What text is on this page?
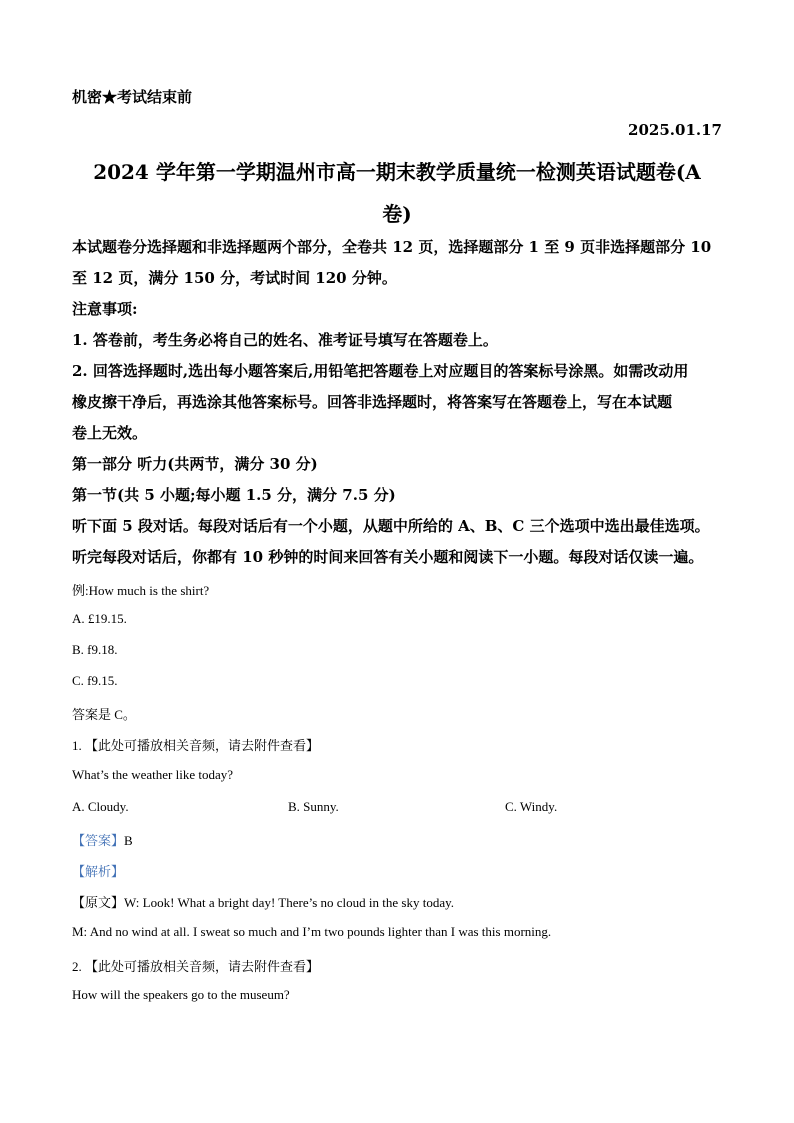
机密★考试结束前
2025.01.17
2024 学年第一学期温州市高一期末教学质量统一检测英语试题卷(A
卷)
本试题卷分选择题和非选择题两个部分，全卷共 12 页，选择题部分 1 至 9 页非选择题部分 10
至 12 页，满分 150 分，考试时间 120 分钟。
注意事项:
1. 答卷前，考生务必将自己的姓名、准考证号填写在答题卷上。
2. 回答选择题时,选出每小题答案后,用铅笔把答题卷上对应题目的答案标号涂黑。如需改动用
橡皮擦干净后，再选涂其他答案标号。回答非选择题时，将答案写在答题卷上，写在本试题
卷上无效。
第一部分 听力(共两节，满分 30 分)
第一节(共 5 小题;每小题 1.5 分，满分 7.5 分)
听下面 5 段对话。每段对话后有一个小题，从题中所给的 A、B、C 三个选项中选出最佳选项。
听完每段对话后，你都有 10 秒钟的时间来回答有关小题和阅读下一小题。每段对话仅读一遍。
例:How much is the shirt?
A. £19.15.
B. f9.18.
C. f9.15.
答案是 C。
1. 【此处可播放相关音频，请去附件查看】
What’s the weather like today?
A. Cloudy.	B. Sunny.	C. Windy.
【答案】B
【解析】
【原文】W: Look! What a bright day! There’s no cloud in the sky today.
M: And no wind at all. I sweat so much and I’m two pounds lighter than I was this morning.
2. 【此处可播放相关音频，请去附件查看】
How will the speakers go to the museum?
